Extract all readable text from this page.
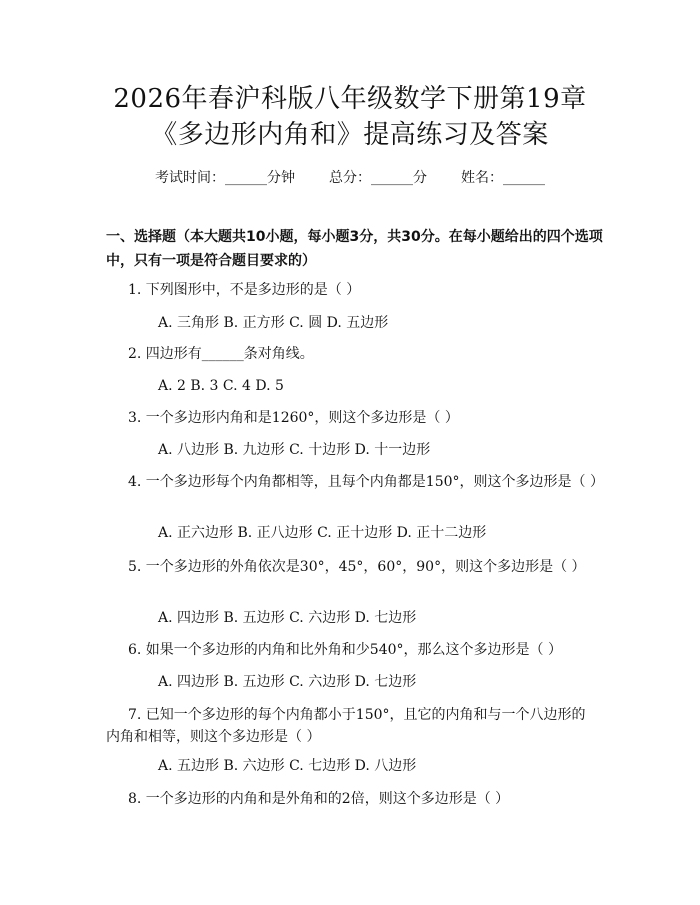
2026年春沪科版八年级数学下册第19章
《多边形内角和》提高练习及答案
考试时间：______分钟 总分：______分 姓名：______
一、选择题（本大题共10小题，每小题3分，共30分。在每小题给出的四个选项中，只有一项是符合题目要求的）
1. 下列图形中，不是多边形的是（ ）
A. 三角形 B. 正方形 C. 圆 D. 五边形
2. 四边形有______条对角线。
A. 2 B. 3 C. 4 D. 5
3. 一个多边形内角和是1260°，则这个多边形是（ ）
A. 八边形 B. 九边形 C. 十边形 D. 十一边形
4. 一个多边形每个内角都相等，且每个内角都是150°，则这个多边形是（ ）
A. 正六边形 B. 正八边形 C. 正十边形 D. 正十二边形
5. 一个多边形的外角依次是30°，45°，60°，90°，则这个多边形是（ ）
A. 四边形 B. 五边形 C. 六边形 D. 七边形
6. 如果一个多边形的内角和比外角和少540°，那么这个多边形是（ ）
A. 四边形 B. 五边形 C. 六边形 D. 七边形
7. 已知一个多边形的每个内角都小于150°，且它的内角和与一个八边形的内角和相等，则这个多边形是（ ）
A. 五边形 B. 六边形 C. 七边形 D. 八边形
8. 一个多边形的内角和是外角和的2倍，则这个多边形是（ ）
